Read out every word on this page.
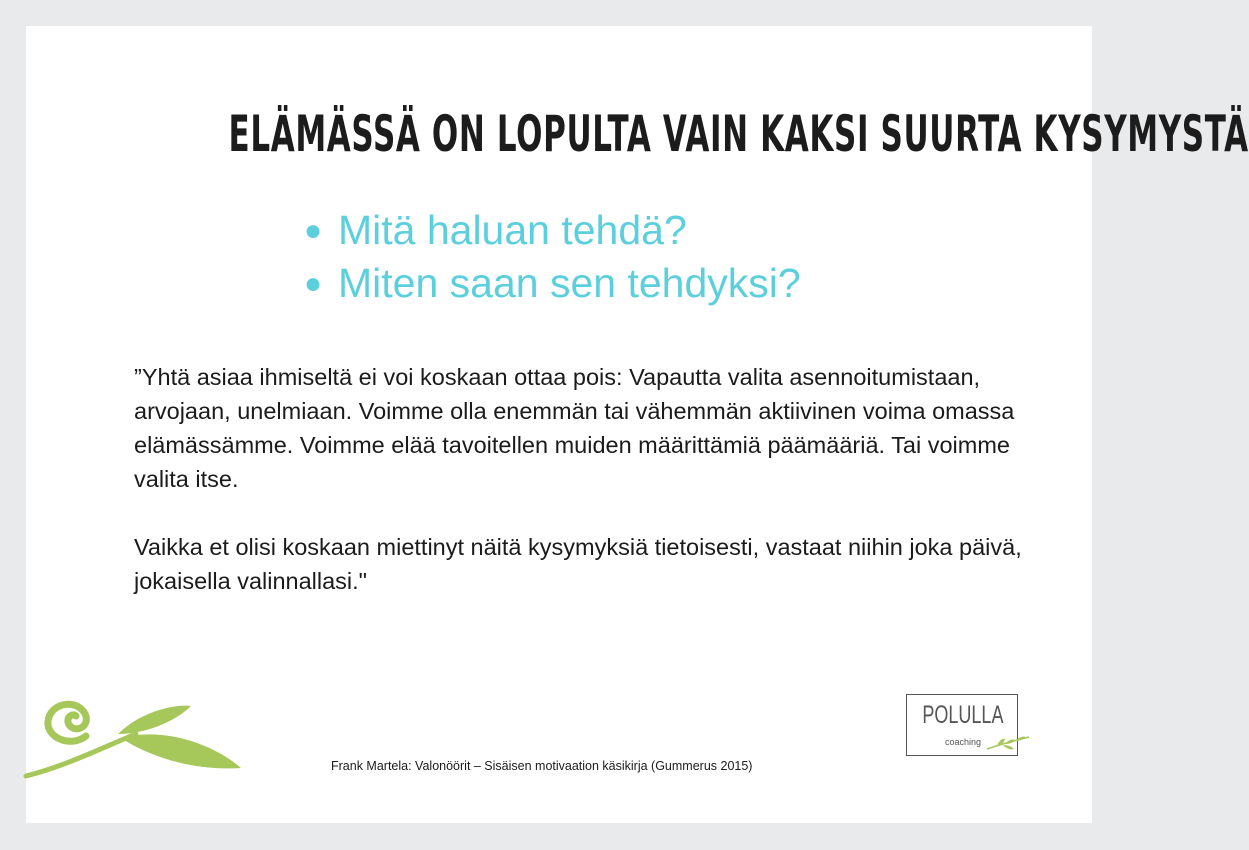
ELÄMÄSSÄ ON LOPULTA VAIN KAKSI SUURTA KYSYMYSTÄ
● Mitä haluan tehdä?
● Miten saan sen tehdyksi?

”Yhtä asiaa ihmiseltä ei voi koskaan ottaa pois: Vapautta valita asennoitumistaan, arvojaan, unelmiaan. Voimme olla enemmän tai vähemmän aktiivinen voima omassa elämässämme. Voimme elää tavoitellen muiden määrittämiä päämääriä. Tai voimme valita itse.

Vaikka et olisi koskaan miettinyt näitä kysymyksiä tietoisesti, vastaat niihin joka päivä, jokaisella valinnallasi."

Frank Martela: Valonöörit – Sisäisen motivaation käsikirja (Gummerus 2015)
POLULLA
coaching
